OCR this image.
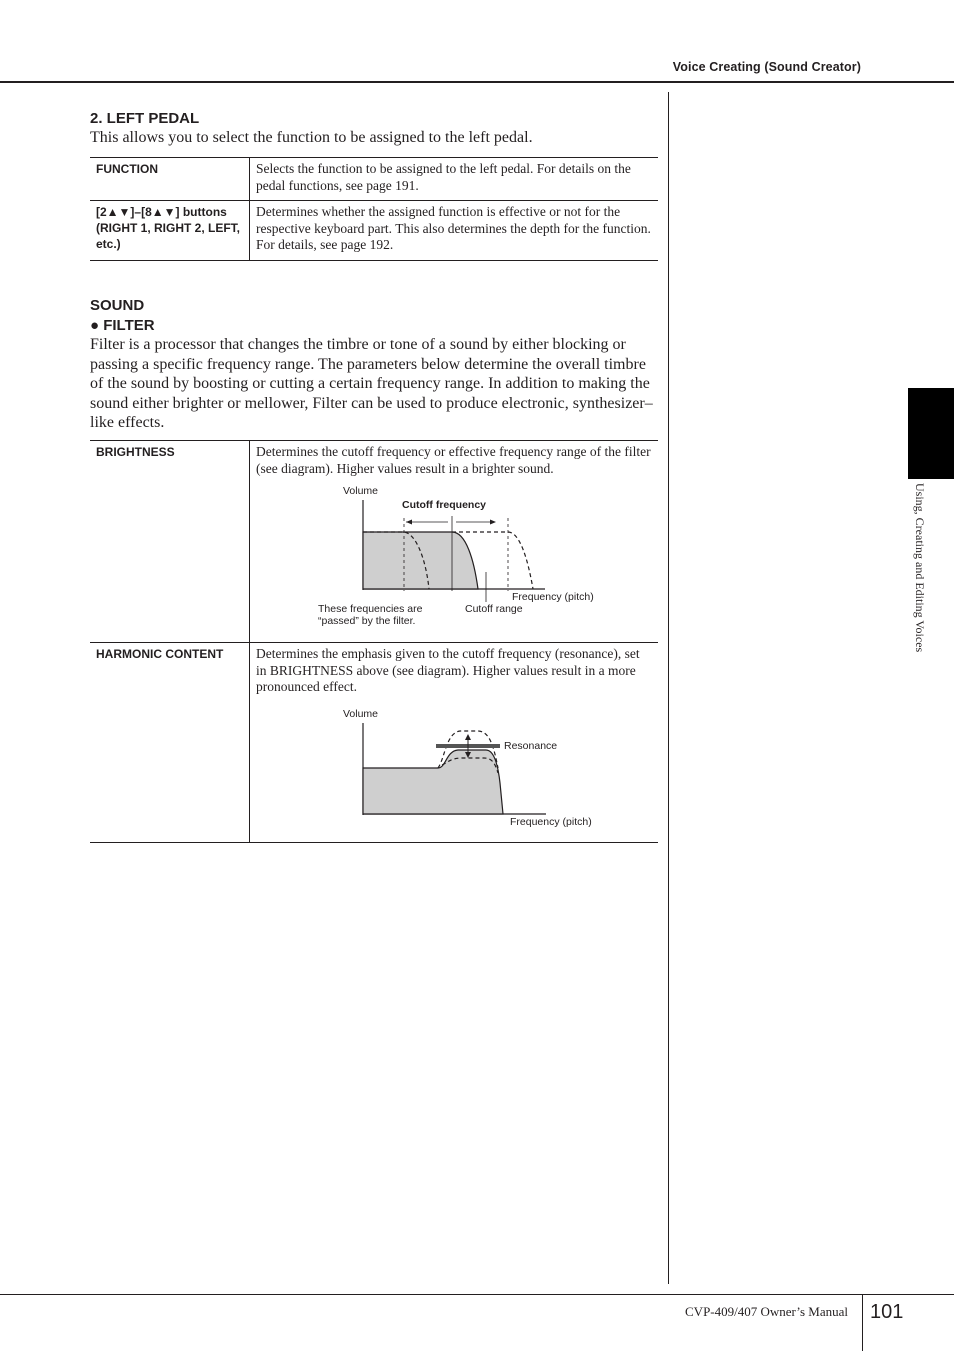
Voice Creating (Sound Creator)
2. LEFT PEDAL
This allows you to select the function to be assigned to the left pedal.
FUNCTION	Selects the function to be assigned to the left pedal. For details on the pedal functions, see page 191.
[2▲▼]–[8▲▼] buttons (RIGHT 1, RIGHT 2, LEFT, etc.)	Determines whether the assigned function is effective or not for the respective keyboard part. This also determines the depth for the function. For details, see page 192.
SOUND
● FILTER
Filter is a processor that changes the timbre or tone of a sound by either blocking or passing a specific frequency range. The parameters below determine the overall timbre of the sound by boosting or cutting a certain frequency range. In addition to making the sound either brighter or mellower, Filter can be used to produce electronic, synthesizer–like effects.
BRIGHTNESS	Determines the cutoff frequency or effective frequency range of the filter (see diagram). Higher values result in a brighter sound.
HARMONIC CONTENT	Determines the emphasis given to the cutoff frequency (resonance), set in BRIGHTNESS above (see diagram). Higher values result in a more pronounced effect.
Volume
Cutoff frequency
Frequency (pitch)
These frequencies are
“passed” by the filter.
Cutoff range
Volume
Resonance
Frequency (pitch)
Using, Creating and Editing Voices
CVP-409/407 Owner’s Manual 101
